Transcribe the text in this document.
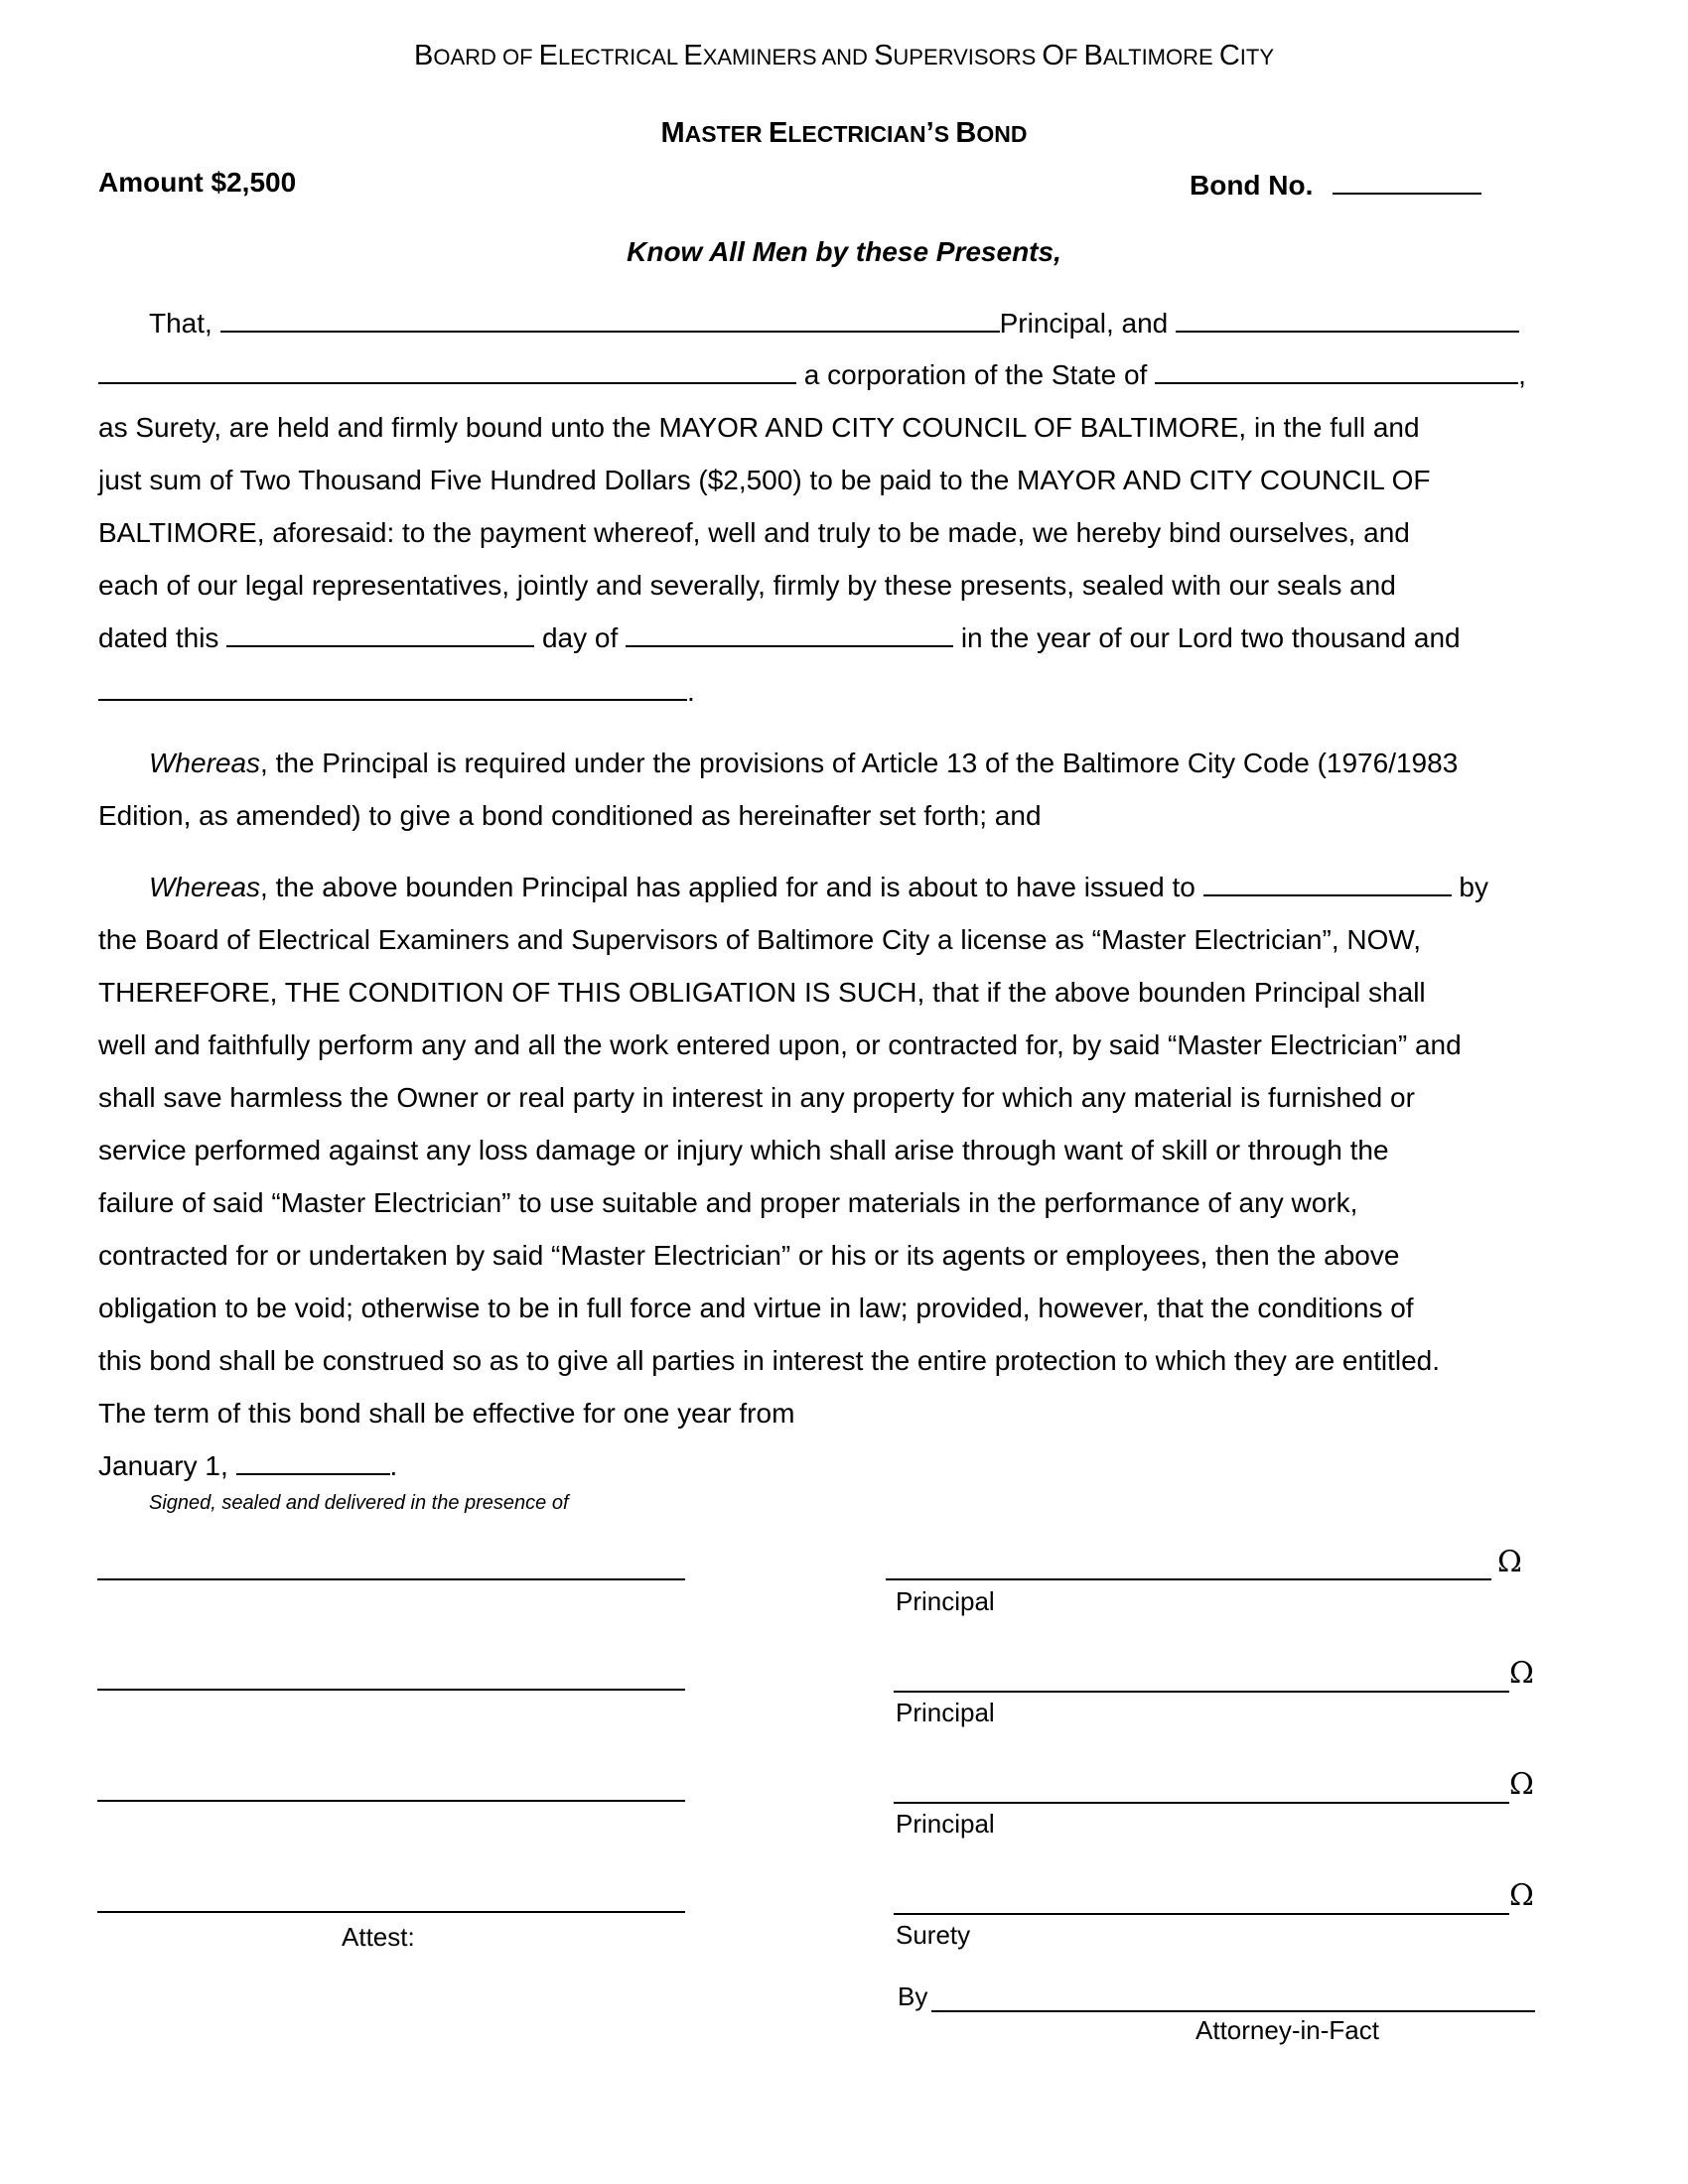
BOARD OF ELECTRICAL EXAMINERS AND SUPERVISORS OF BALTIMORE CITY
MASTER ELECTRICIAN’S BOND
Amount $2,500	Bond No.
Know All Men by these Presents,
That,	Principal, and
a corporation of the State of	,
as Surety, are held and firmly bound unto the MAYOR AND CITY COUNCIL OF BALTIMORE, in the full and
just sum of Two Thousand Five Hundred Dollars ($2,500) to be paid to the MAYOR AND CITY COUNCIL OF
BALTIMORE, aforesaid: to the payment whereof, well and truly to be made, we hereby bind ourselves, and
each of our legal representatives, jointly and severally, firmly by these presents, sealed with our seals and
dated this	day of	in the year of our Lord two thousand and
.
Whereas, the Principal is required under the provisions of Article 13 of the Baltimore City Code (1976/1983
Edition, as amended) to give a bond conditioned as hereinafter set forth; and
Whereas, the above bounden Principal has applied for and is about to have issued to	by
the Board of Electrical Examiners and Supervisors of Baltimore City a license as “Master Electrician”, NOW,
THEREFORE, THE CONDITION OF THIS OBLIGATION IS SUCH, that if the above bounden Principal shall
well and faithfully perform any and all the work entered upon, or contracted for, by said “Master Electrician” and
shall save harmless the Owner or real party in interest in any property for which any material is furnished or
service performed against any loss damage or injury which shall arise through want of skill or through the
failure of said “Master Electrician” to use suitable and proper materials in the performance of any work,
contracted for or undertaken by said “Master Electrician” or his or its agents or employees, then the above
obligation to be void; otherwise to be in full force and virtue in law; provided, however, that the conditions of
this bond shall be construed so as to give all parties in interest the entire protection to which they are entitled.
The term of this bond shall be effective for one year from
January 1,	.
Signed, sealed and delivered in the presence of
Attest:
Ω
Principal
Ω
Principal
Ω
Principal
Ω
Surety
By
Attorney-in-Fact
